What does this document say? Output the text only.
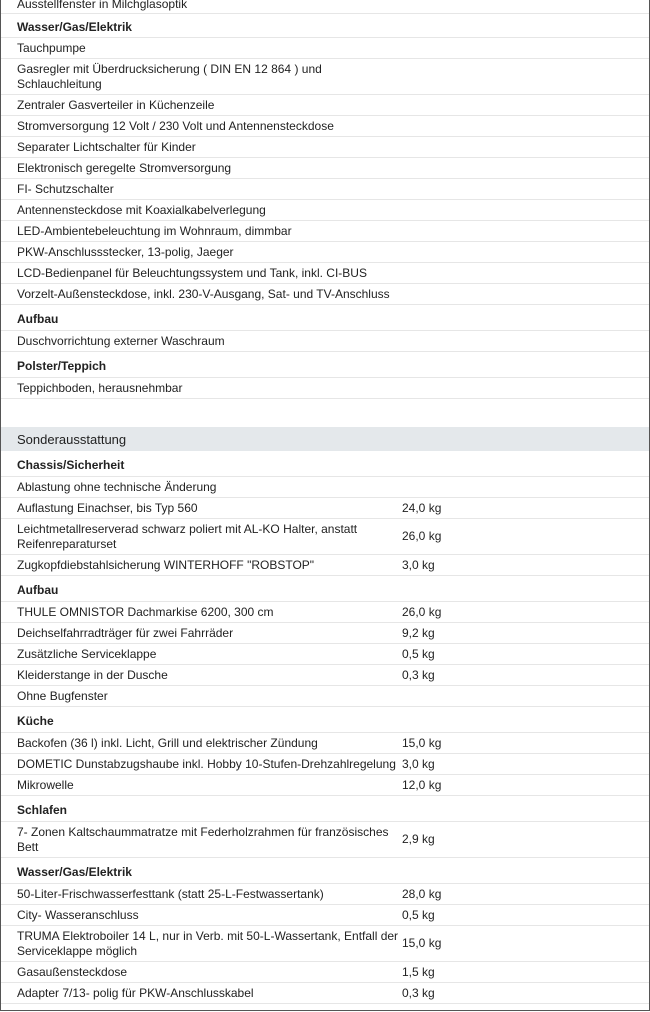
Ausstellfenster in Milchglasoptik
Wasser/Gas/Elektrik
Tauchpumpe
Gasregler mit Überdrucksicherung ( DIN EN 12 864 ) und Schlauchleitung
Zentraler Gasverteiler in Küchenzeile
Stromversorgung 12 Volt / 230 Volt und Antennensteckdose
Separater Lichtschalter für Kinder
Elektronisch geregelte Stromversorgung
FI- Schutzschalter
Antennensteckdose mit Koaxialkabelverlegung
LED-Ambientebeleuchtung im Wohnraum, dimmbar
PKW-Anschlussstecker, 13-polig, Jaeger
LCD-Bedienpanel für Beleuchtungssystem und Tank, inkl. CI-BUS
Vorzelt-Außensteckdose, inkl. 230-V-Ausgang, Sat- und TV-Anschluss
Aufbau
Duschvorrichtung externer Waschraum
Polster/Teppich
Teppichboden, herausnehmbar
Sonderausstattung
Chassis/Sicherheit
Ablastung ohne technische Änderung
Auflastung Einachser, bis Typ 560	24,0 kg
Leichtmetallreserverad schwarz poliert mit AL-KO Halter, anstatt Reifenreparaturset
26,0 kg
Zugkopfdiebstahlsicherung WINTERHOFF "ROBSTOP"	3,0 kg
Aufbau
THULE OMNISTOR Dachmarkise 6200, 300 cm	26,0 kg
Deichselfahrradträger für zwei Fahrräder	9,2 kg
Zusätzliche Serviceklappe	0,5 kg
Kleiderstange in der Dusche	0,3 kg
Ohne Bugfenster
Küche
Backofen (36 l) inkl. Licht, Grill und elektrischer Zündung	15,0 kg
DOMETIC Dunstabzugshaube inkl. Hobby 10-Stufen-Drehzahlregelung 3,0 kg
Mikrowelle	12,0 kg
Schlafen
7- Zonen Kaltschaummatratze mit Federholzrahmen für französisches Bett
2,9 kg
Wasser/Gas/Elektrik
50-Liter-Frischwasserfesttank (statt 25-L-Festwassertank)	28,0 kg
City- Wasseranschluss	0,5 kg
TRUMA Elektroboiler 14 L, nur in Verb. mit 50-L-Wassertank, Entfall der Serviceklappe möglich
15,0 kg
Gasaußensteckdose	1,5 kg
Adapter 7/13- polig für PKW-Anschlusskabel	0,3 kg
